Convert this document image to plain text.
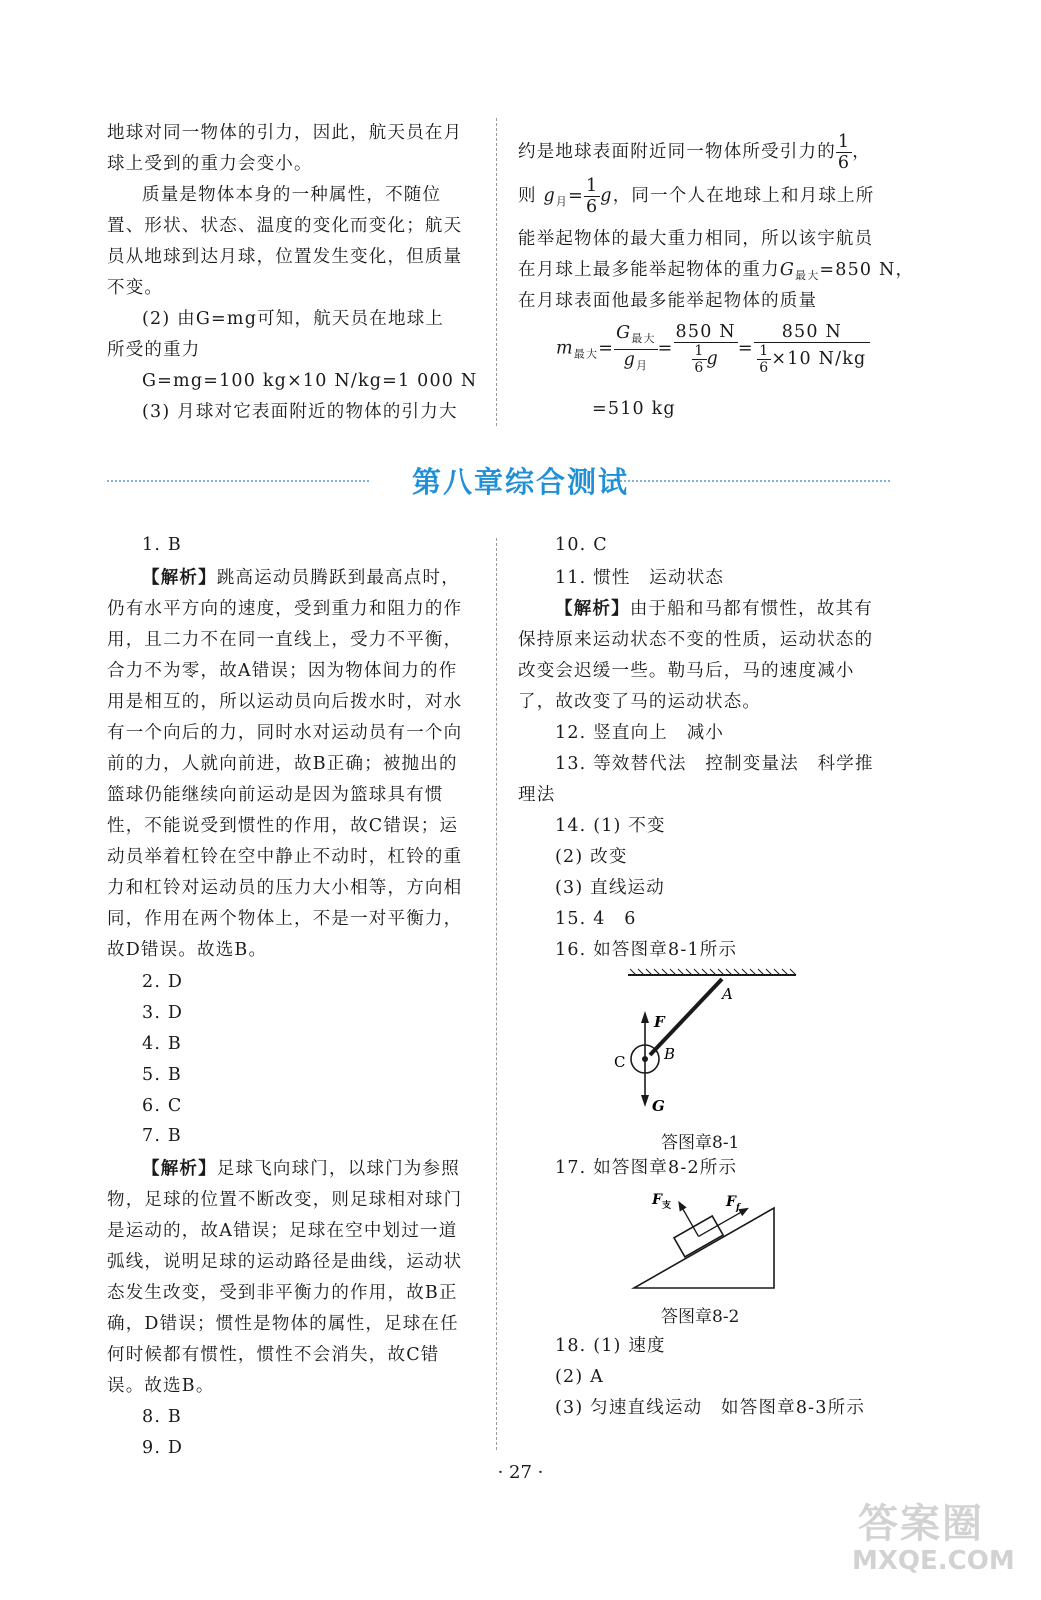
地球对同一物体的引力，因此，航天员在月
球上受到的重力会变小。
质量是物体本身的一种属性，不随位
置、形状、状态、温度的变化而变化；航天
员从地球到达月球，位置发生变化，但质量
不变。
(2) 由G=mg可知，航天员在地球上
所受的重力
G=mg=100 kg×10 N/kg=1 000 N
(3) 月球对它表面附近的物体的引力大
约是地球表面附近同一物体所受引力的 $\frac{1}{6}$ ，
则 $g_月= \frac{1}{6}$ g，同一个人在地球上和月球上所
能举起物体的最大重力相同，所以该宇航员
在月球上最多能举起物体的重力$G_{最大}=850$ N，
在月球表面他最多能举起物体的质量
$m_{最大}= \frac{G_{最大}}{g_月} = \frac{850 N}{\frac{1}{6} g} = \frac{850 N}{\frac{1}{6} \times 10 N/kg}$
=510 kg
第八章综合测试
1. B
【解析】跳高运动员腾跃到最高点时，
仍有水平方向的速度，受到重力和阻力的作
用，且二力不在同一直线上，受力不平衡，
合力不为零，故A错误；因为物体间力的作
用是相互的，所以运动员向后拨水时，对水
有一个向后的力，同时水对运动员有一个向
前的力，人就向前进，故B正确；被抛出的
篮球仍能继续向前运动是因为篮球具有惯
性，不能说受到惯性的作用，故C错误；运
动员举着杠铃在空中静止不动时，杠铃的重
力和杠铃对运动员的压力大小相等，方向相
同，作用在两个物体上，不是一对平衡力，
故D错误。故选B。
2. D
3. D
4. B
5. B
6. C
7. B
【解析】足球飞向球门，以球门为参照
物，足球的位置不断改变，则足球相对球门
是运动的，故A错误；足球在空中划过一道
弧线，说明足球的运动路径是曲线，运动状
态发生改变，受到非平衡力的作用，故B正
确，D错误；惯性是物体的属性，足球在任
何时候都有惯性，惯性不会消失，故C错
误。故选B。
8. B
9. D
10. C
11. 惯性　运动状态
【解析】由于船和马都有惯性，故其有
保持原来运动状态不变的性质，运动状态的
改变会迟缓一些。勒马后，马的速度减小
了，故改变了马的运动状态。
12. 竖直向上　减小
13. 等效替代法　控制变量法　科学推
理法
14. (1) 不变
(2) 改变
(3) 直线运动
15. 4　6
16. 如答图章8-1所示
A
B
C
F
G
答图章8-1
17. 如答图章8-2所示
$F_支$	$F_f$
答图章8-2
18. (1) 速度
(2) A
(3) 匀速直线运动　如答图章8-3所示
· 27 ·
答案圈
MXQE.COM
